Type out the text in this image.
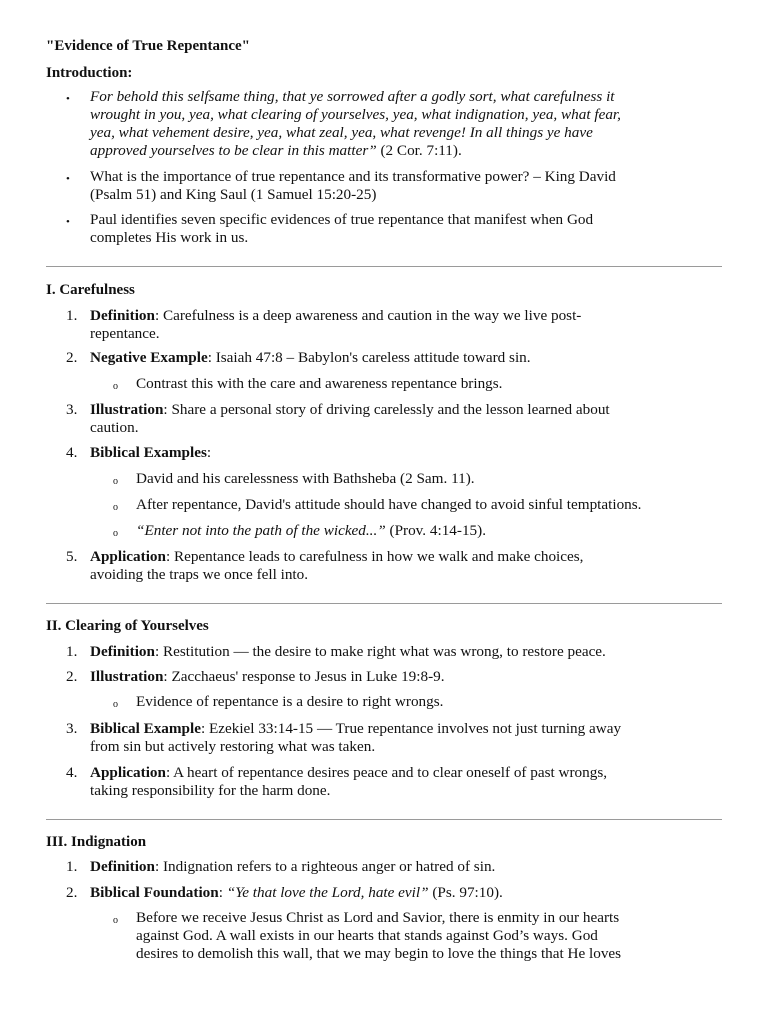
"Evidence of True Repentance"
Introduction:
•	For behold this selfsame thing, that ye sorrowed after a godly sort, what carefulness it
wrought in you, yea, what clearing of yourselves, yea, what indignation, yea, what fear,
yea, what vehement desire, yea, what zeal, yea, what revenge! In all things ye have
approved yourselves to be clear in this matter” (2 Cor. 7:11).
•	What is the importance of true repentance and its transformative power? – King David
(Psalm 51) and King Saul (1 Samuel 15:20-25)
•	Paul identifies seven specific evidences of true repentance that manifest when God
completes His work in us.
I. Carefulness
1. Definition: Carefulness is a deep awareness and caution in the way we live post-
repentance.
2. Negative Example: Isaiah 47:8 – Babylon's careless attitude toward sin.
o	Contrast this with the care and awareness repentance brings.
3. Illustration: Share a personal story of driving carelessly and the lesson learned about
caution.
4. Biblical Examples:
o	David and his carelessness with Bathsheba (2 Sam. 11).
o	After repentance, David's attitude should have changed to avoid sinful temptations.
o	“Enter not into the path of the wicked...” (Prov. 4:14-15).
5. Application: Repentance leads to carefulness in how we walk and make choices,
avoiding the traps we once fell into.
II. Clearing of Yourselves
1. Definition: Restitution — the desire to make right what was wrong, to restore peace.
2. Illustration: Zacchaeus' response to Jesus in Luke 19:8-9.
o	Evidence of repentance is a desire to right wrongs.
3. Biblical Example: Ezekiel 33:14-15 — True repentance involves not just turning away
from sin but actively restoring what was taken.
4. Application: A heart of repentance desires peace and to clear oneself of past wrongs,
taking responsibility for the harm done.
III. Indignation
1. Definition: Indignation refers to a righteous anger or hatred of sin.
2. Biblical Foundation: “Ye that love the Lord, hate evil” (Ps. 97:10).
o	Before we receive Jesus Christ as Lord and Savior, there is enmity in our hearts
against God. A wall exists in our hearts that stands against God’s ways. God
desires to demolish this wall, that we may begin to love the things that He loves
